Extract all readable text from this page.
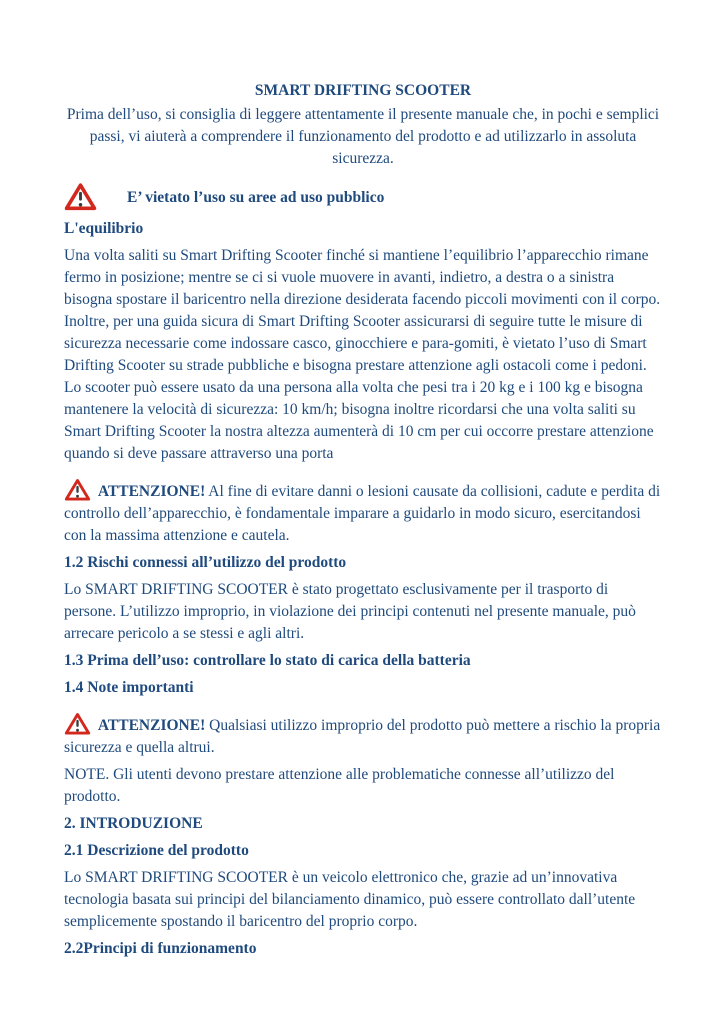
SMART DRIFTING SCOOTER

Prima dell’uso, si consiglia di leggere attentamente il presente manuale che, in pochi e semplici passi, vi aiuterà a comprendere il funzionamento del prodotto e ad utilizzarlo in assoluta sicurezza.

E’ vietato l’uso su aree ad uso pubblico
L'equilibrio

Una volta saliti su Smart Drifting Scooter finché si mantiene l’equilibrio l’apparecchio rimane fermo in posizione; mentre se ci si vuole muovere in avanti, indietro, a destra o a sinistra bisogna spostare il baricentro nella direzione desiderata facendo piccoli movimenti con il corpo. Inoltre, per una guida sicura di Smart Drifting Scooter assicurarsi di seguire tutte le misure di sicurezza necessarie come indossare casco, ginocchiere e para-gomiti, è vietato l’uso di Smart Drifting Scooter su strade pubbliche e bisogna prestare attenzione agli ostacoli come i pedoni. Lo scooter può essere usato da una persona alla volta che pesi tra i 20 kg e i 100 kg e bisogna mantenere la velocità di sicurezza: 10 km/h; bisogna inoltre ricordarsi che una volta saliti su Smart Drifting Scooter la nostra altezza aumenterà di 10 cm per cui occorre prestare attenzione quando si deve passare attraverso una porta

ATTENZIONE! Al fine di evitare danni o lesioni causate da collisioni, cadute e perdita di controllo dell’apparecchio, è fondamentale imparare a guidarlo in modo sicuro, esercitandosi con la massima attenzione e cautela.

1.2 Rischi connessi all’utilizzo del prodotto

Lo SMART DRIFTING SCOOTER è stato progettato esclusivamente per il trasporto di persone. L’utilizzo improprio, in violazione dei principi contenuti nel presente manuale, può arrecare pericolo a se stessi e agli altri.

1.3 Prima dell’uso: controllare lo stato di carica della batteria
1.4 Note importanti

ATTENZIONE! Qualsiasi utilizzo improprio del prodotto può mettere a rischio la propria sicurezza e quella altrui.

NOTE. Gli utenti devono prestare attenzione alle problematiche connesse all’utilizzo del prodotto.

2. INTRODUZIONE
2.1 Descrizione del prodotto

Lo SMART DRIFTING SCOOTER è un veicolo elettronico che, grazie ad un’innovativa tecnologia basata sui principi del bilanciamento dinamico, può essere controllato dall’utente semplicemente spostando il baricentro del proprio corpo.

2.2Principi di funzionamento
